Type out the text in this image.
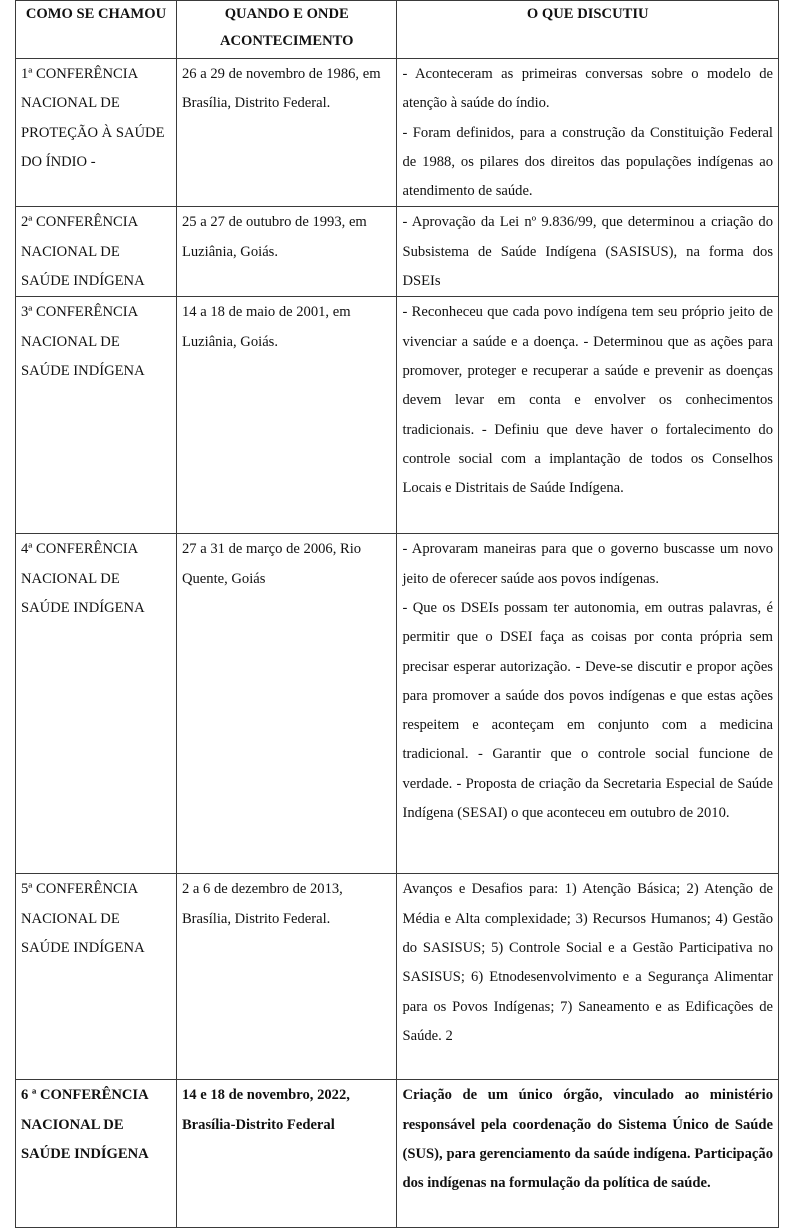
COMO SE CHAMOU	QUANDO E ONDE ACONTECIMENTO	O QUE DISCUTIU
1ª CONFERÊNCIA NACIONAL DE PROTEÇÃO À SAÚDE DO ÍNDIO -	26 a 29 de novembro de 1986, em Brasília, Distrito Federal.	- Aconteceram as primeiras conversas sobre o modelo de atenção à saúde do índio.

- Foram definidos, para a construção da Constituição Federal de 1988, os pilares dos direitos das populações indígenas ao atendimento de saúde.

2ª CONFERÊNCIA NACIONAL DE SAÚDE INDÍGENA	25 a 27 de outubro de 1993, em Luziânia, Goiás.	- Aprovação da Lei nº 9.836/99, que determinou a criação do Subsistema de Saúde Indígena (SASISUS), na forma dos DSEIs

3ª CONFERÊNCIA NACIONAL DE SAÚDE INDÍGENA	14 a 18 de maio de 2001, em Luziânia, Goiás.	- Reconheceu que cada povo indígena tem seu próprio jeito de vivenciar a saúde e a doença. - Determinou que as ações para promover, proteger e recuperar a saúde e prevenir as doenças devem levar em conta e envolver os conhecimentos tradicionais. - Definiu que deve haver o fortalecimento do controle social com a implantação de todos os Conselhos Locais e Distritais de Saúde Indígena.

4ª CONFERÊNCIA NACIONAL DE SAÚDE INDÍGENA	27 a 31 de março de 2006, Rio Quente, Goiás	- Aprovaram maneiras para que o governo buscasse um novo jeito de oferecer saúde aos povos indígenas.

- Que os DSEIs possam ter autonomia, em outras palavras, é permitir que o DSEI faça as coisas por conta própria sem precisar esperar autorização. - Deve-se discutir e propor ações para promover a saúde dos povos indígenas e que estas ações respeitem e aconteçam em conjunto com a medicina tradicional. - Garantir que o controle social funcione de verdade. - Proposta de criação da Secretaria Especial de Saúde Indígena (SESAI) o que aconteceu em outubro de 2010.

5ª CONFERÊNCIA NACIONAL DE SAÚDE INDÍGENA	2 a 6 de dezembro de 2013, Brasília, Distrito Federal.	Avanços e Desafios para: 1) Atenção Básica; 2) Atenção de Média e Alta complexidade; 3) Recursos Humanos; 4) Gestão do SASISUS; 5) Controle Social e a Gestão Participativa no SASISUS; 6) Etnodesenvolvimento e a Segurança Alimentar para os Povos Indígenas; 7) Saneamento e as Edificações de Saúde. 2

6 ª CONFERÊNCIA NACIONAL DE SAÚDE INDÍGENA	14 e 18 de novembro, 2022, Brasília-Distrito Federal	Criação de um único órgão, vinculado ao ministério responsável pela coordenação do Sistema Único de Saúde (SUS), para gerenciamento da saúde indígena. Participação dos indígenas na formulação da política de saúde.
